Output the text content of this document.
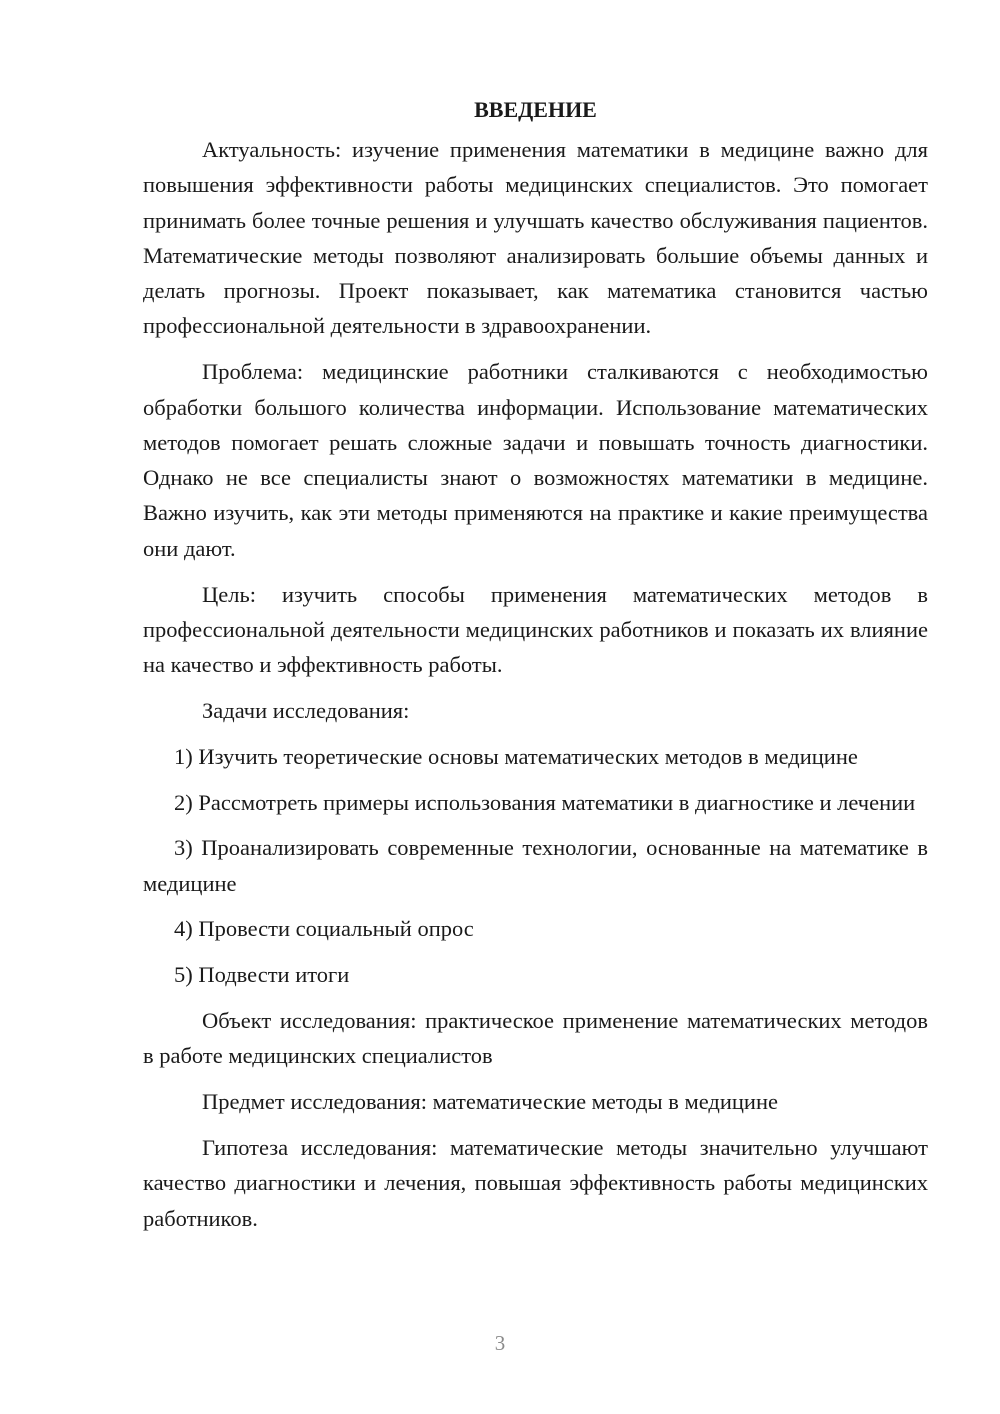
ВВЕДЕНИЕ

Актуальность: изучение применения математики в медицине важно для повышения эффективности работы медицинских специалистов. Это помогает принимать более точные решения и улучшать качество обслуживания пациентов. Математические методы позволяют анализировать большие объемы данных и делать прогнозы. Проект показывает, как математика становится частью профессиональной деятельности в здравоохранении.

Проблема: медицинские работники сталкиваются с необходимостью обработки большого количества информации. Использование математических методов помогает решать сложные задачи и повышать точность диагностики. Однако не все специалисты знают о возможностях математики в медицине. Важно изучить, как эти методы применяются на практике и какие преимущества они дают.

Цель: изучить способы применения математических методов в профессиональной деятельности медицинских работников и показать их влияние на качество и эффективность работы.

Задачи исследования:

1) Изучить теоретические основы математических методов в медицине

2) Рассмотреть примеры использования математики в диагностике и лечении

3) Проанализировать современные технологии, основанные на математике в медицине

4) Провести социальный опрос

5) Подвести итоги

Объект исследования: практическое применение математических методов в работе медицинских специалистов

Предмет исследования: математические методы в медицине

Гипотеза исследования: математические методы значительно улучшают качество диагностики и лечения, повышая эффективность работы медицинских работников.

3
